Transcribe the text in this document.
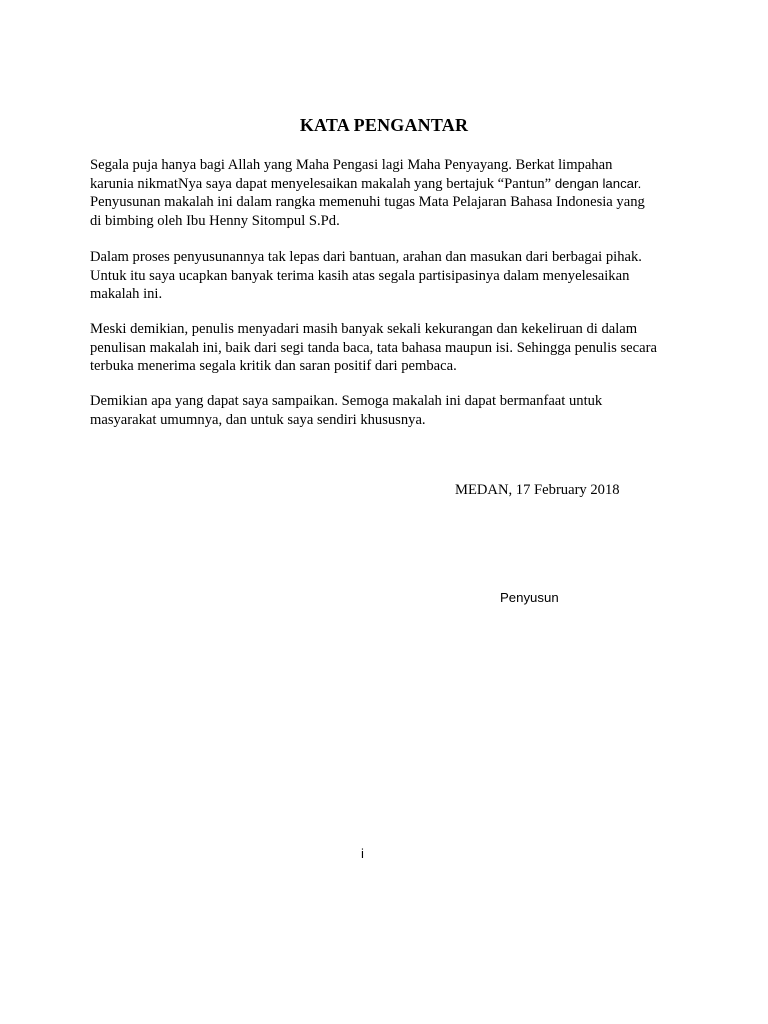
KATA PENGANTAR
Segala puja hanya bagi Allah yang Maha Pengasi lagi Maha Penyayang. Berkat limpahan
karunia nikmatNya saya dapat menyelesaikan makalah yang bertajuk “Pantun” dengan lancar.
Penyusunan makalah ini dalam rangka memenuhi tugas Mata Pelajaran Bahasa Indonesia yang
di bimbing oleh Ibu Henny Sitompul S.Pd.
Dalam proses penyusunannya tak lepas dari bantuan, arahan dan masukan dari berbagai pihak.
Untuk itu saya ucapkan banyak terima kasih atas segala partisipasinya dalam menyelesaikan
makalah ini.
Meski demikian, penulis menyadari masih banyak sekali kekurangan dan kekeliruan di dalam
penulisan makalah ini, baik dari segi tanda baca, tata bahasa maupun isi. Sehingga penulis secara
terbuka menerima segala kritik dan saran positif dari pembaca.
Demikian apa yang dapat saya sampaikan. Semoga makalah ini dapat bermanfaat untuk
masyarakat umumnya, dan untuk saya sendiri khususnya.
MEDAN, 17 February 2018
Penyusun
i
